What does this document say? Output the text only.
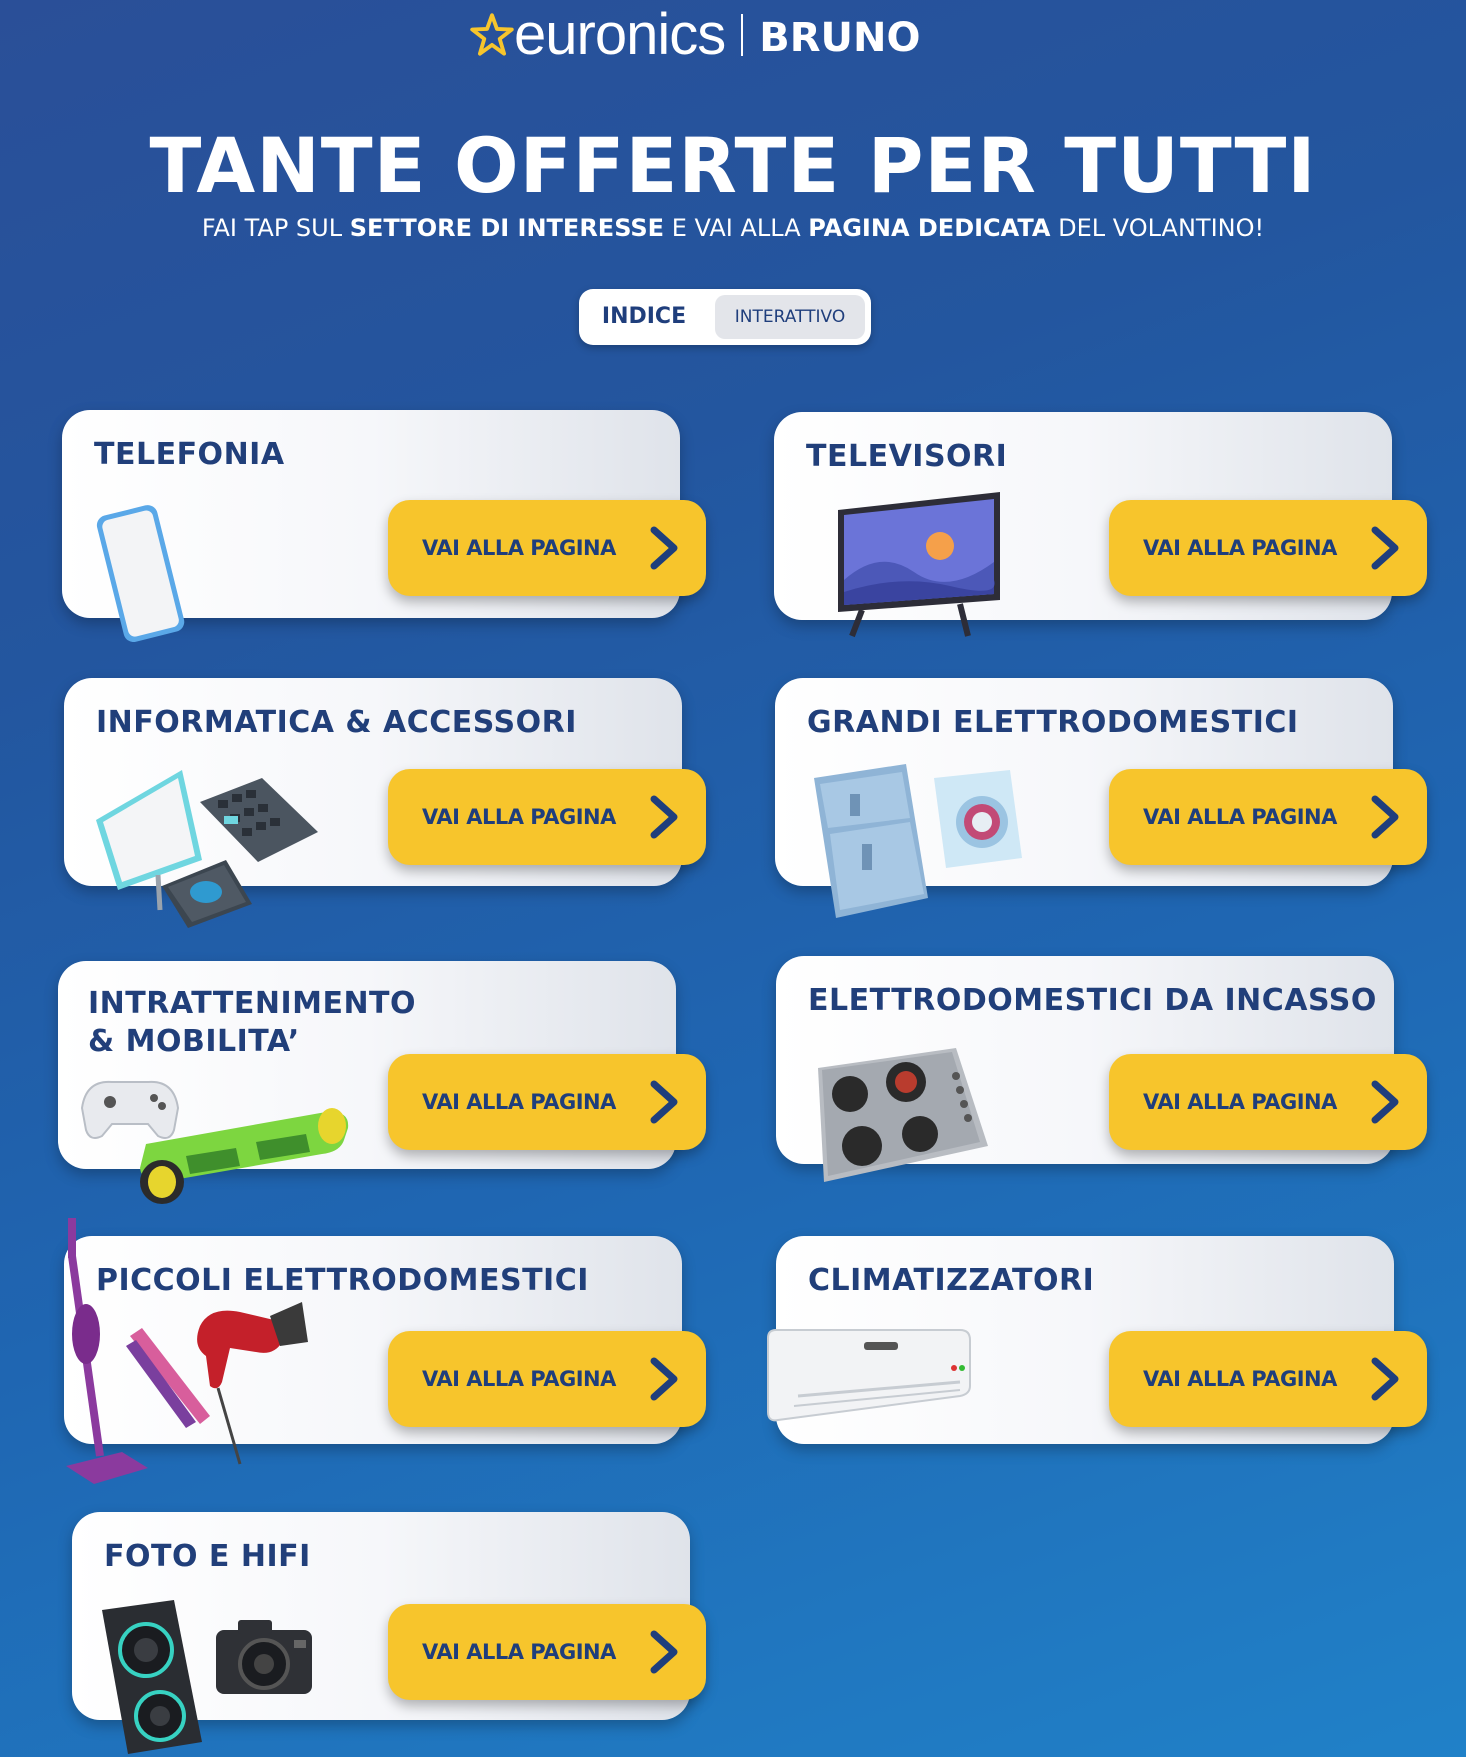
euronics BRUNO
TANTE OFFERTE PER TUTTI
FAI TAP SUL SETTORE DI INTERESSE E VAI ALLA PAGINA DEDICATA DEL VOLANTINO!
INDICE	INTERATTIVO
TELEFONIA
VAI ALLA PAGINA
TELEVISORI
VAI ALLA PAGINA
INFORMATICA & ACCESSORI
VAI ALLA PAGINA
GRANDI ELETTRODOMESTICI
VAI ALLA PAGINA
INTRATTENIMENTO
& MOBILITA’
VAI ALLA PAGINA
ELETTRODOMESTICI DA INCASSO
VAI ALLA PAGINA
PICCOLI ELETTRODOMESTICI
VAI ALLA PAGINA
CLIMATIZZATORI
VAI ALLA PAGINA
FOTO E HIFI
VAI ALLA PAGINA
